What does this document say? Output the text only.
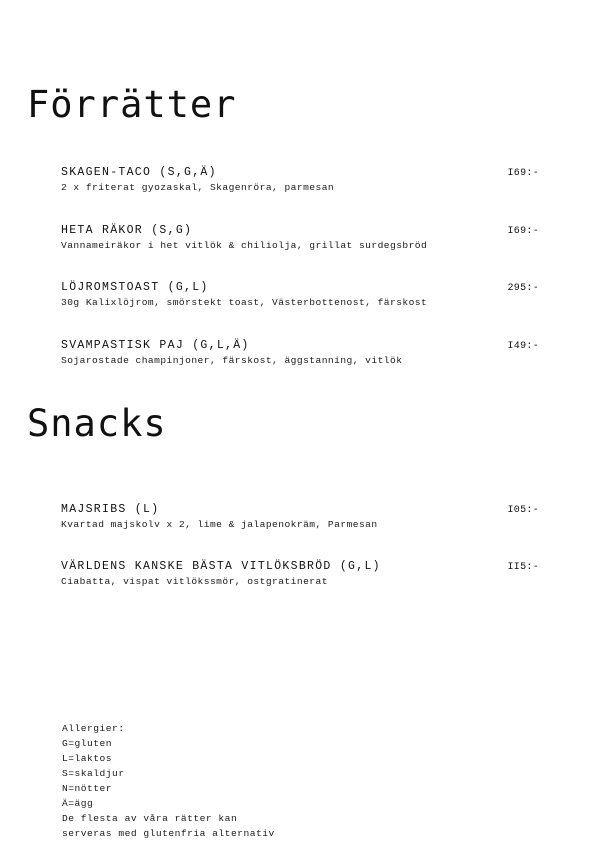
Förrätter
SKAGEN-TACO (S,G,Ä)	I69:-
2 x friterat gyozaskal, Skagenröra, parmesan
HETA RÄKOR (S,G)	I69:-
Vannameiräkor i het vitlök & chiliolja, grillat surdegsbröd
LÖJROMSTOAST (G,L)	295:-
30g Kalixlöjrom, smörstekt toast, Västerbottenost, färskost
SVAMPASTISK PAJ (G,L,Ä)	I49:-
Sojarostade champinjoner, färskost, äggstanning, vitlök
Snacks
MAJSRIBS (L)	I05:-
Kvartad majskolv x 2, lime & jalapenokräm, Parmesan
VÄRLDENS KANSKE BÄSTA VITLÖKSBRÖD (G,L)	II5:-
Ciabatta, vispat vitlökssmör, ostgratinerat
Allergier:
G=gluten
L=laktos
S=skaldjur
N=nötter
Ä=ägg
De flesta av våra rätter kan
serveras med glutenfria alternativ
